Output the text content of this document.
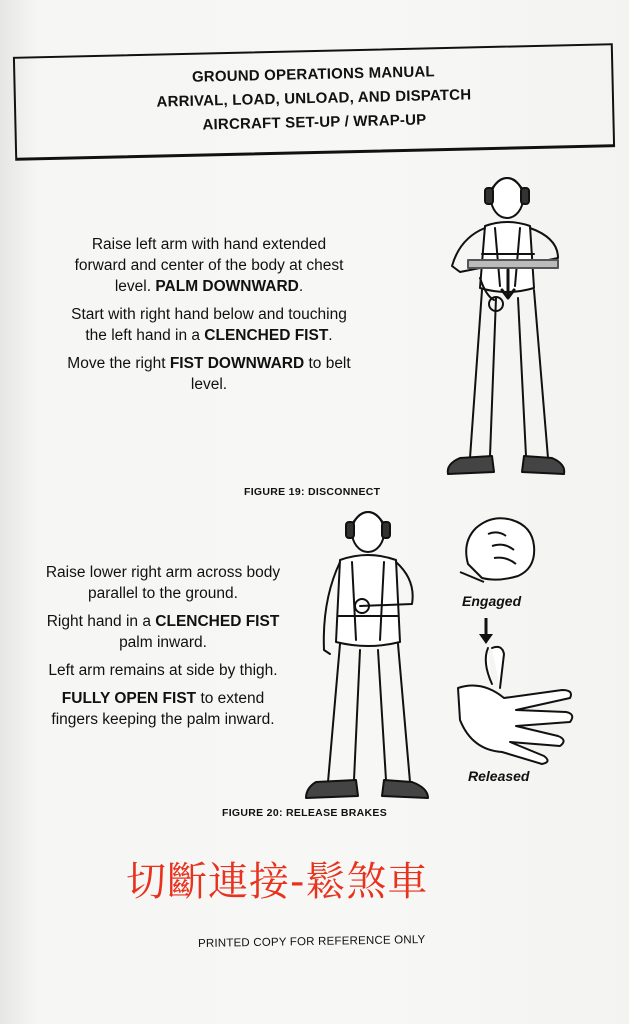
GROUND OPERATIONS MANUAL
ARRIVAL, LOAD, UNLOAD, AND DISPATCH
AIRCRAFT SET-UP / WRAP-UP

Raise left arm with hand extended forward and center of the body at chest level. PALM DOWNWARD.

Start with right hand below and touching the left hand in a CLENCHED FIST.

Move the right FIST DOWNWARD to belt level.

FIGURE 19: DISCONNECT

Raise lower right arm across body parallel to the ground.

Right hand in a CLENCHED FIST palm inward.

Left arm remains at side by thigh.

FULLY OPEN FIST to extend fingers keeping the palm inward.

Engaged
Released
FIGURE 20: RELEASE BRAKES
切斷連接-鬆煞車
PRINTED COPY FOR REFERENCE ONLY
